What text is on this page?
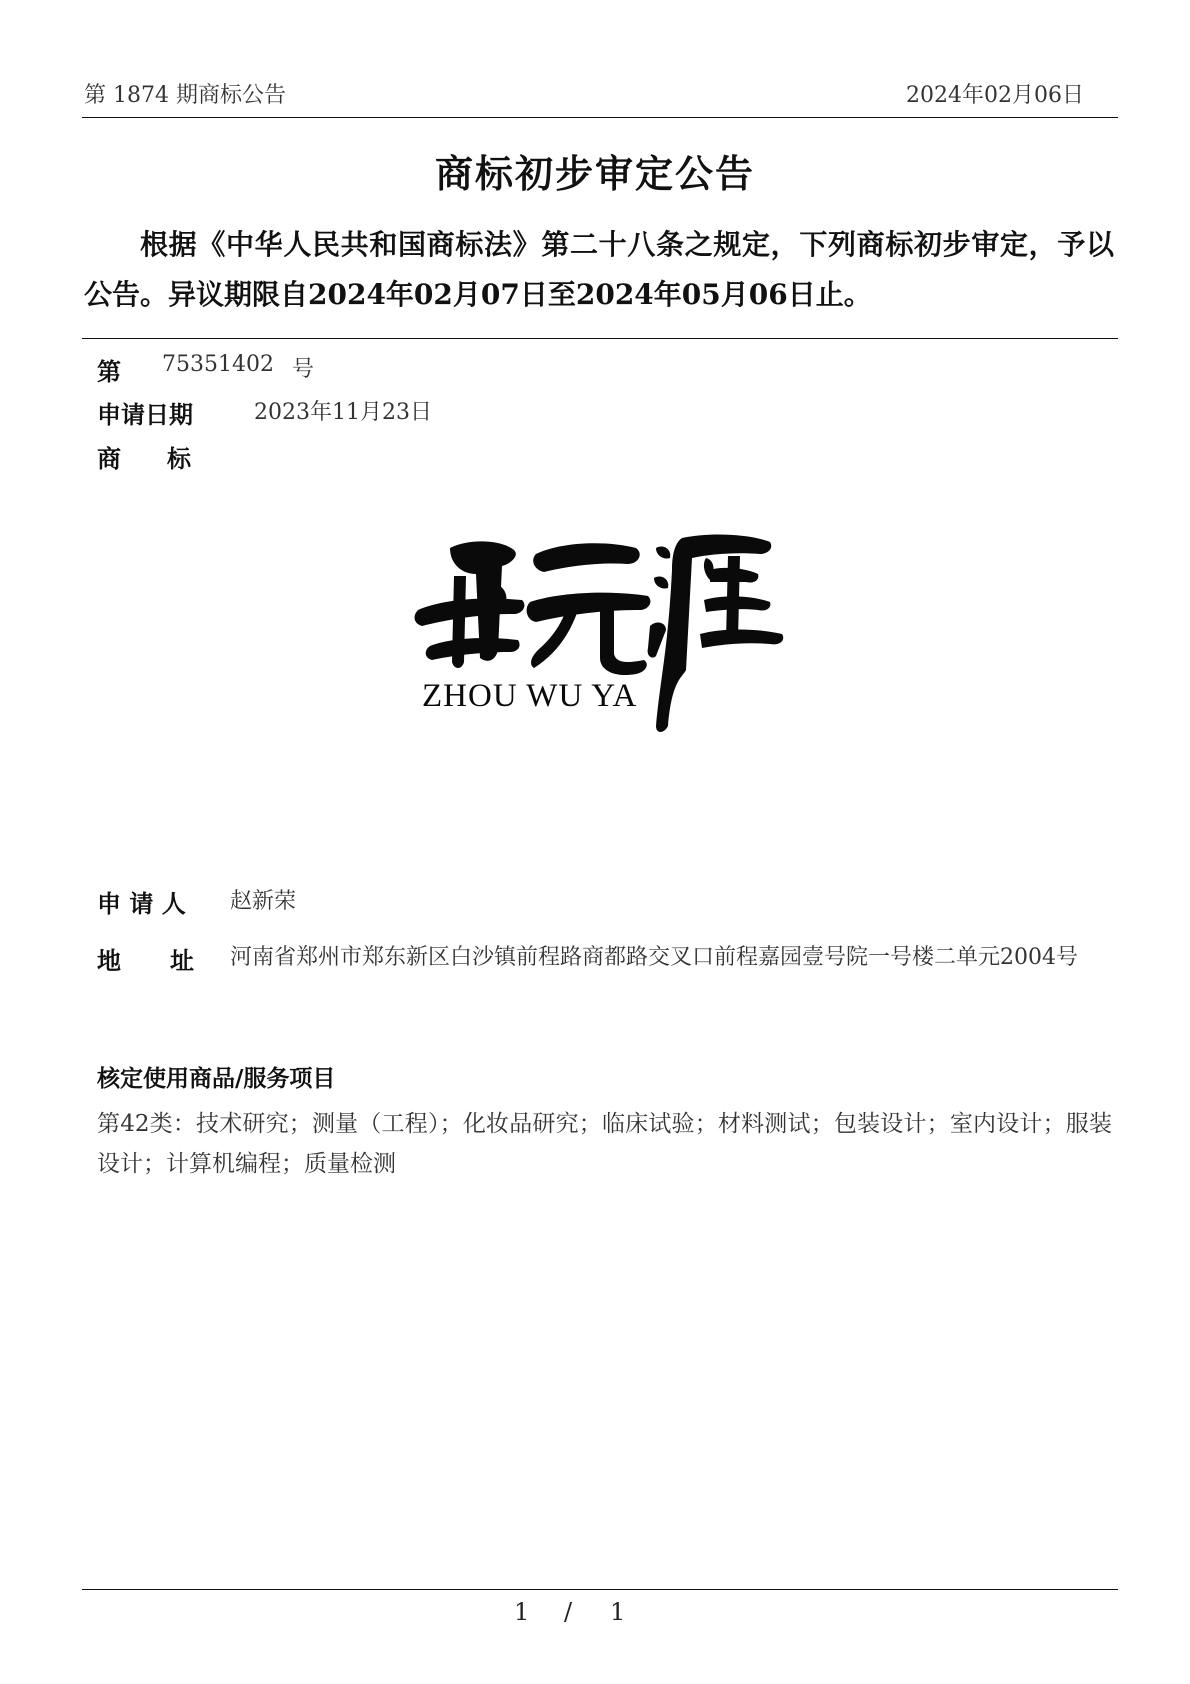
第 1874 期商标公告	2024年02月06日
商标初步审定公告
根据《中华人民共和国商标法》第二十八条之规定，下列商标初步审定，予以公告。异议期限自2024年02月07日至2024年05月06日止。
第 75351402 号
申请日期	2023年11月23日
商 标
舟无涯 ZHOU WU YA
申 请 人 赵新荣
地 址 河南省郑州市郑东新区白沙镇前程路商都路交叉口前程嘉园壹号院一号楼二单元2004号
核定使用商品/服务项目
第42类：技术研究；测量（工程）；化妆品研究；临床试验；材料测试；包装设计；室内设计；服装设计；计算机编程；质量检测
1 / 1
